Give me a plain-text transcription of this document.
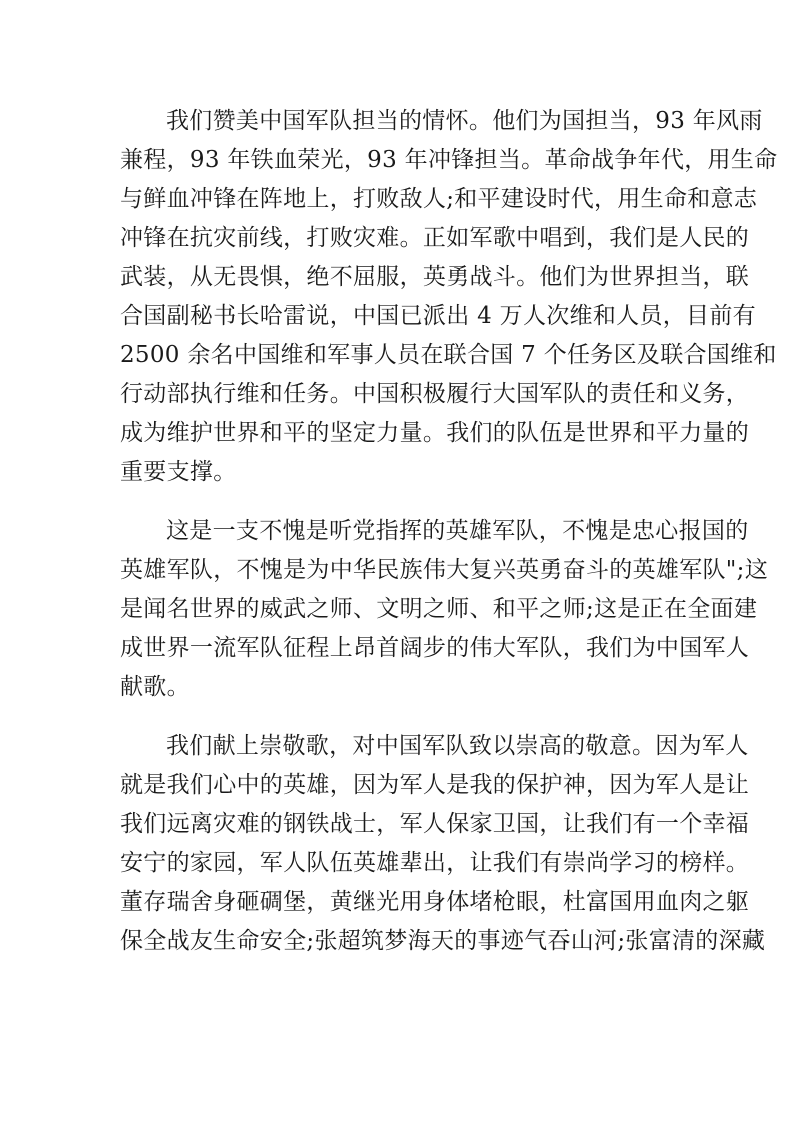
我们赞美中国军队担当的情怀。他们为国担当，93 年风雨
兼程，93 年铁血荣光，93 年冲锋担当。革命战争年代，用生命
与鲜血冲锋在阵地上，打败敌人;和平建设时代，用生命和意志
冲锋在抗灾前线，打败灾难。正如军歌中唱到，我们是人民的
武装，从无畏惧，绝不屈服，英勇战斗。他们为世界担当，联
合国副秘书长哈雷说，中国已派出 4 万人次维和人员，目前有
2500 余名中国维和军事人员在联合国 7 个任务区及联合国维和
行动部执行维和任务。中国积极履行大国军队的责任和义务，
成为维护世界和平的坚定力量。我们的队伍是世界和平力量的
重要支撑。
这是一支不愧是听党指挥的英雄军队，不愧是忠心报国的
英雄军队，不愧是为中华民族伟大复兴英勇奋斗的英雄军队";这
是闻名世界的威武之师、文明之师、和平之师;这是正在全面建
成世界一流军队征程上昂首阔步的伟大军队，我们为中国军人
献歌。
我们献上崇敬歌，对中国军队致以崇高的敬意。因为军人
就是我们心中的英雄，因为军人是我的保护神，因为军人是让
我们远离灾难的钢铁战士，军人保家卫国，让我们有一个幸福
安宁的家园，军人队伍英雄辈出，让我们有崇尚学习的榜样。
董存瑞舍身砸碉堡，黄继光用身体堵枪眼，杜富国用血肉之躯
保全战友生命安全;张超筑梦海天的事迹气吞山河;张富清的深藏
